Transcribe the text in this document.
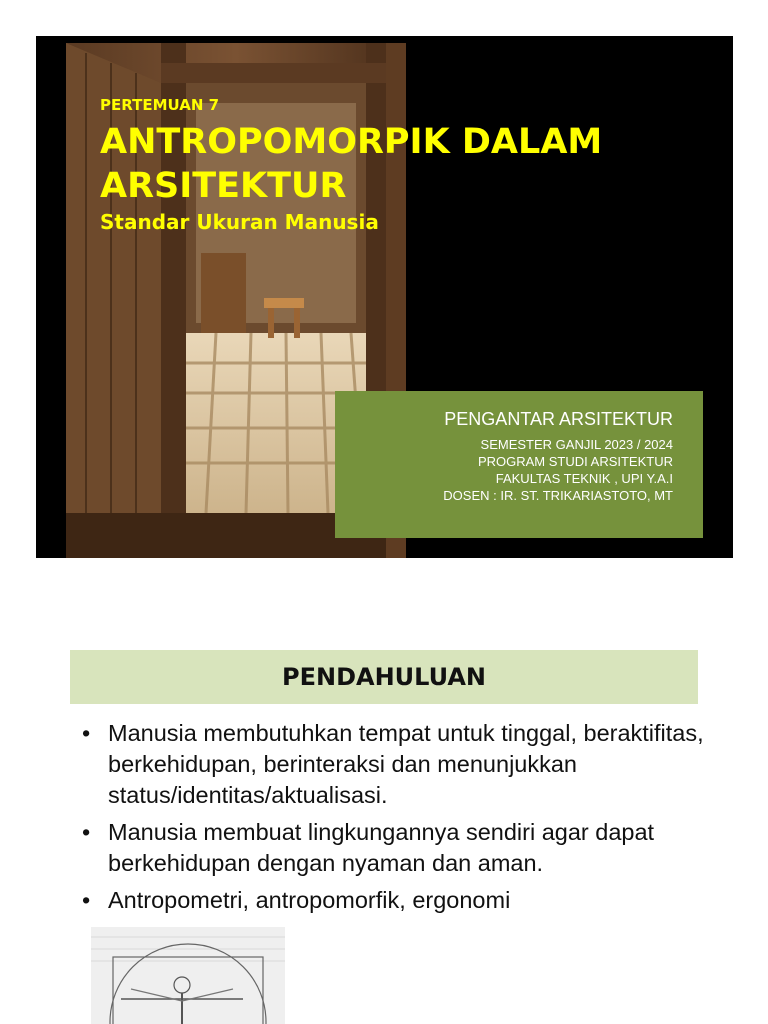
PERTEMUAN 7

ANTROPOMORPIK DALAM
ARSITEKTUR

Standar Ukuran Manusia

PENGANTAR ARSITEKTUR

SEMESTER GANJIL 2023 / 2024

PROGRAM STUDI ARSITEKTUR

FAKULTAS TEKNIK , UPI Y.A.I

DOSEN : IR. ST. TRIKARIASTOTO, MT

PENDAHULUAN
• Manusia membutuhkan tempat untuk tinggal, beraktifitas, berkehidupan, berinteraksi dan menunjukkan status/identitas/aktualisasi.
• Manusia membuat lingkungannya sendiri agar dapat berkehidupan dengan nyaman dan aman.
• Antropometri, antropomorfik, ergonomi
